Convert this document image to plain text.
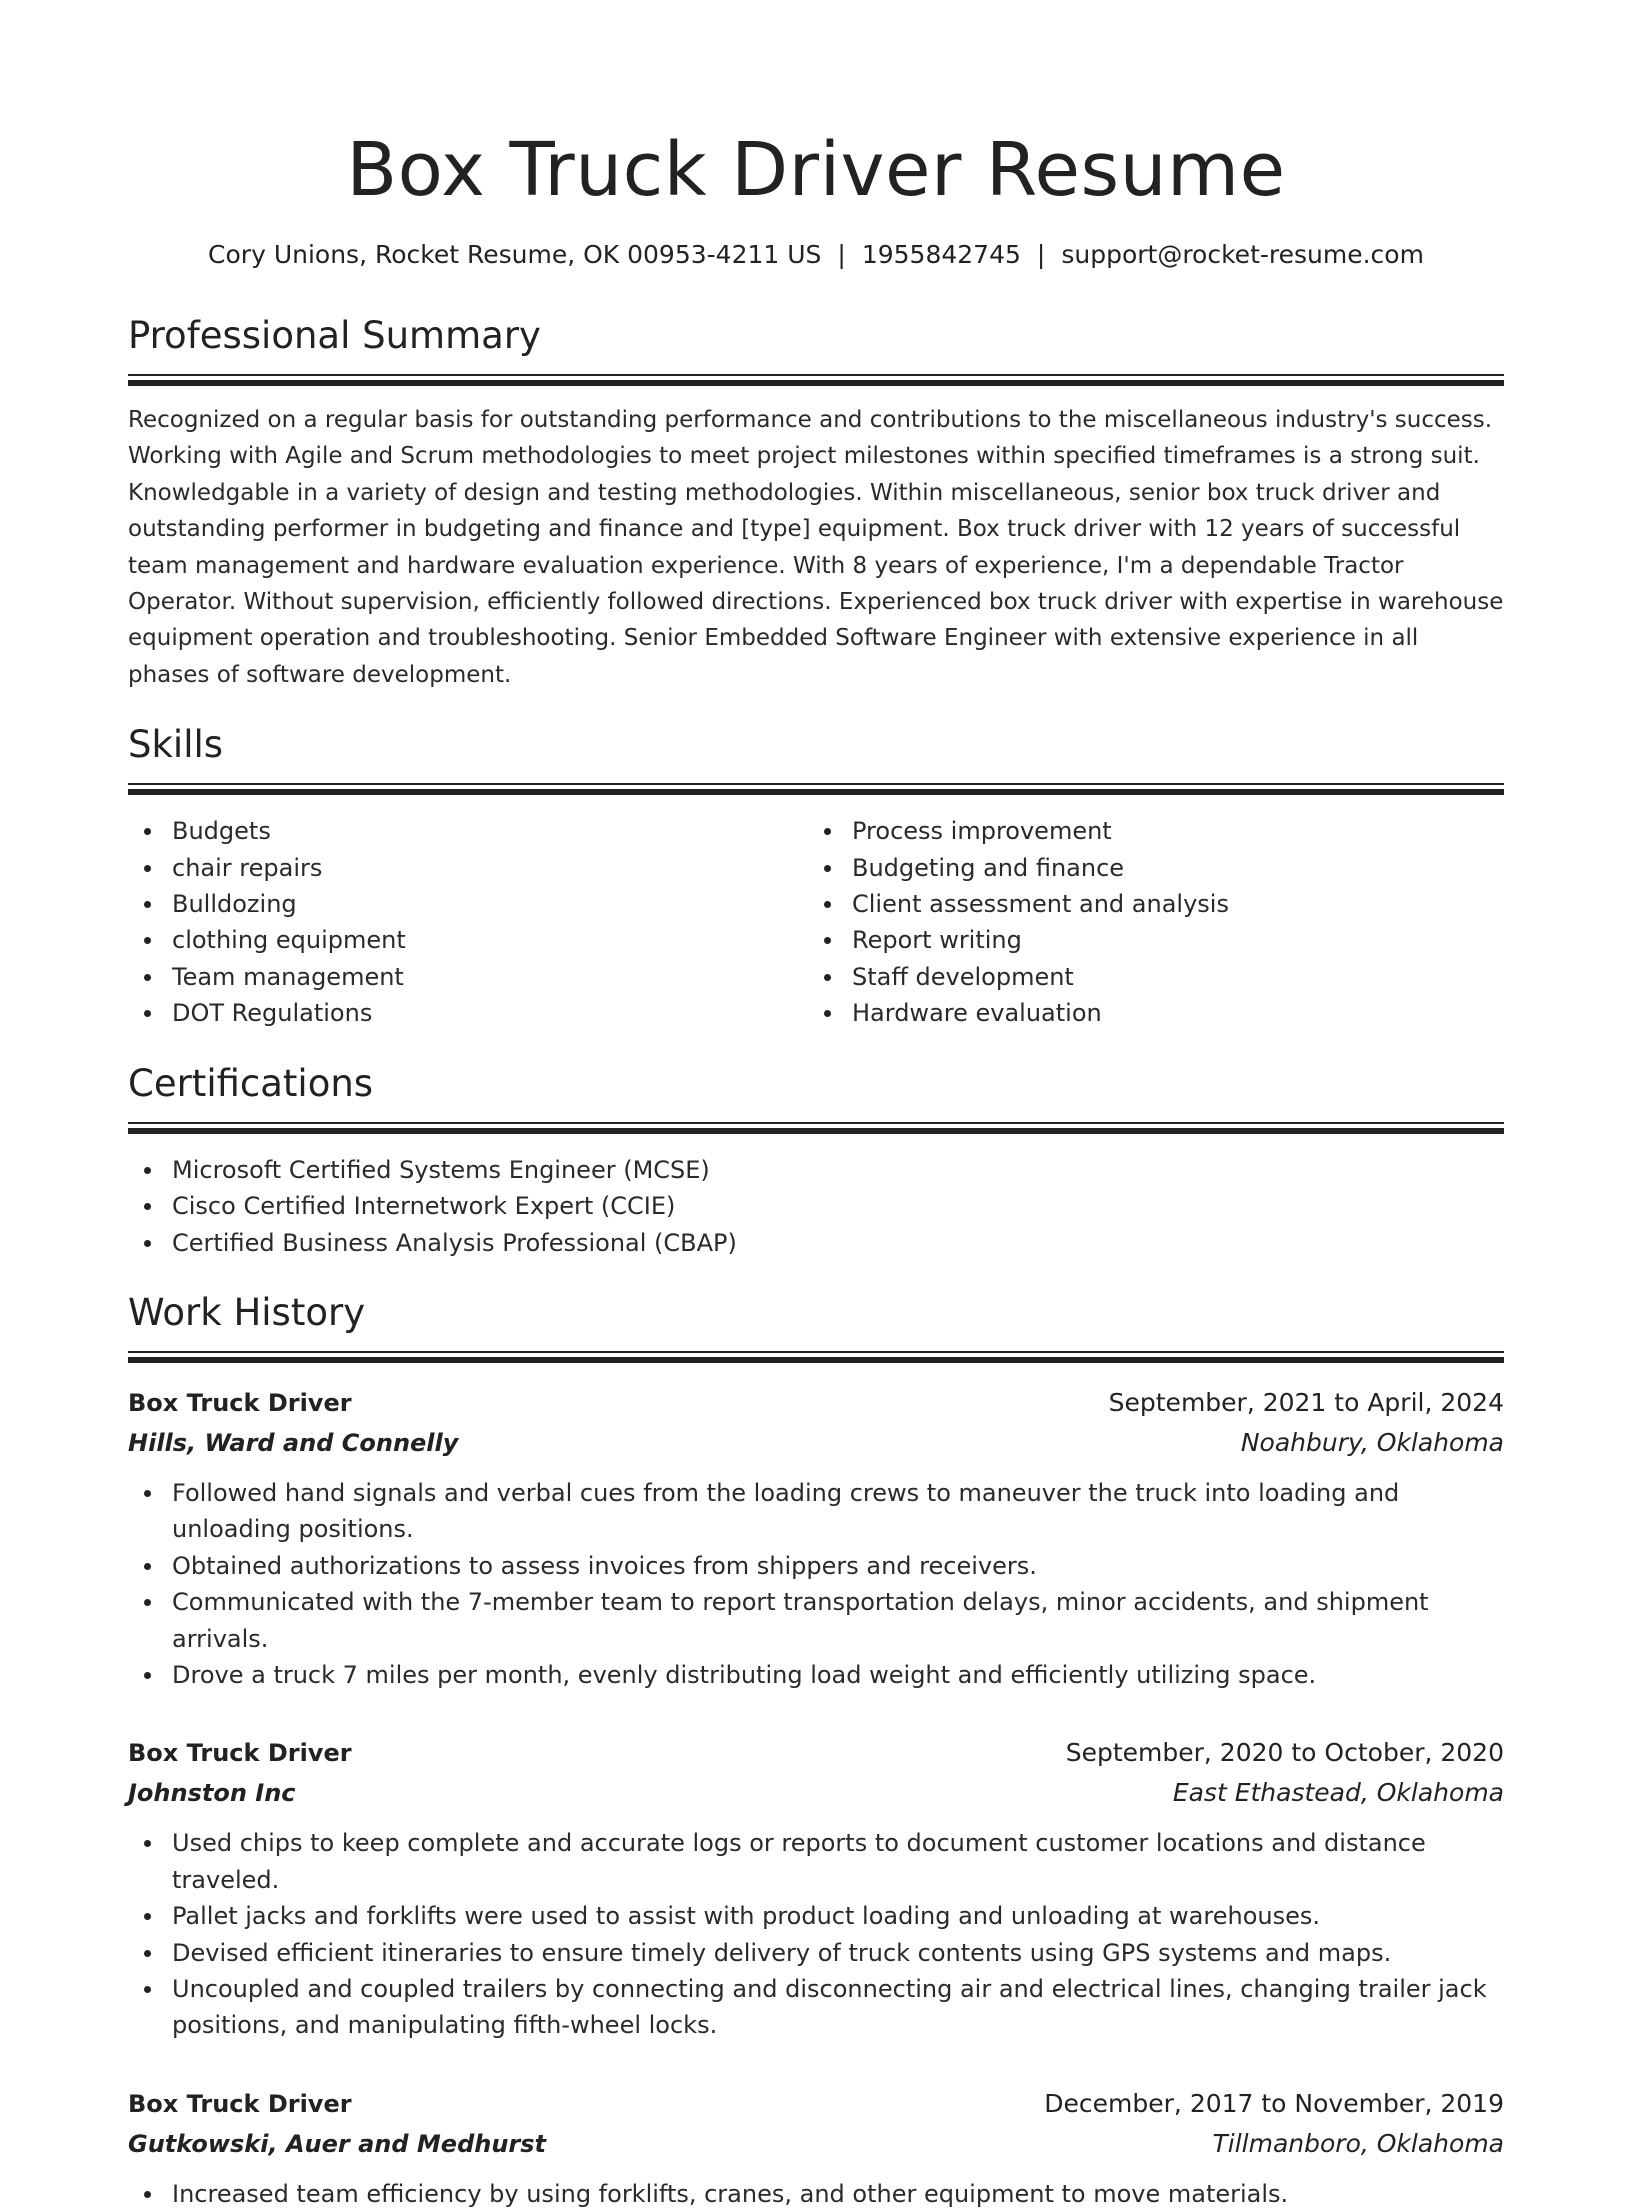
Box Truck Driver Resume
Cory Unions, Rocket Resume, OK 00953-4211 US | 1955842745 | support@rocket-resume.com
Professional Summary
Recognized on a regular basis for outstanding performance and contributions to the miscellaneous industry's success. Working with Agile and Scrum methodologies to meet project milestones within specified timeframes is a strong suit. Knowledgable in a variety of design and testing methodologies. Within miscellaneous, senior box truck driver and outstanding performer in budgeting and finance and [type] equipment. Box truck driver with 12 years of successful team management and hardware evaluation experience. With 8 years of experience, I'm a dependable Tractor Operator. Without supervision, efficiently followed directions. Experienced box truck driver with expertise in warehouse equipment operation and troubleshooting. Senior Embedded Software Engineer with extensive experience in all phases of software development.
Skills
Budgets
chair repairs
Bulldozing
clothing equipment
Team management
DOT Regulations
Process improvement
Budgeting and finance
Client assessment and analysis
Report writing
Staff development
Hardware evaluation
Certifications
Microsoft Certified Systems Engineer (MCSE)
Cisco Certified Internetwork Expert (CCIE)
Certified Business Analysis Professional (CBAP)
Work History
Box Truck Driver	September, 2021 to April, 2024
Hills, Ward and Connelly	Noahbury, Oklahoma
Followed hand signals and verbal cues from the loading crews to maneuver the truck into loading and unloading positions.
Obtained authorizations to assess invoices from shippers and receivers.
Communicated with the 7-member team to report transportation delays, minor accidents, and shipment arrivals.
Drove a truck 7 miles per month, evenly distributing load weight and efficiently utilizing space.
Box Truck Driver	September, 2020 to October, 2020
Johnston Inc	East Ethastead, Oklahoma
Used chips to keep complete and accurate logs or reports to document customer locations and distance traveled.
Pallet jacks and forklifts were used to assist with product loading and unloading at warehouses.
Devised efficient itineraries to ensure timely delivery of truck contents using GPS systems and maps.
Uncoupled and coupled trailers by connecting and disconnecting air and electrical lines, changing trailer jack positions, and manipulating fifth-wheel locks.
Box Truck Driver	December, 2017 to November, 2019
Gutkowski, Auer and Medhurst	Tillmanboro, Oklahoma
Increased team efficiency by using forklifts, cranes, and other equipment to move materials.
